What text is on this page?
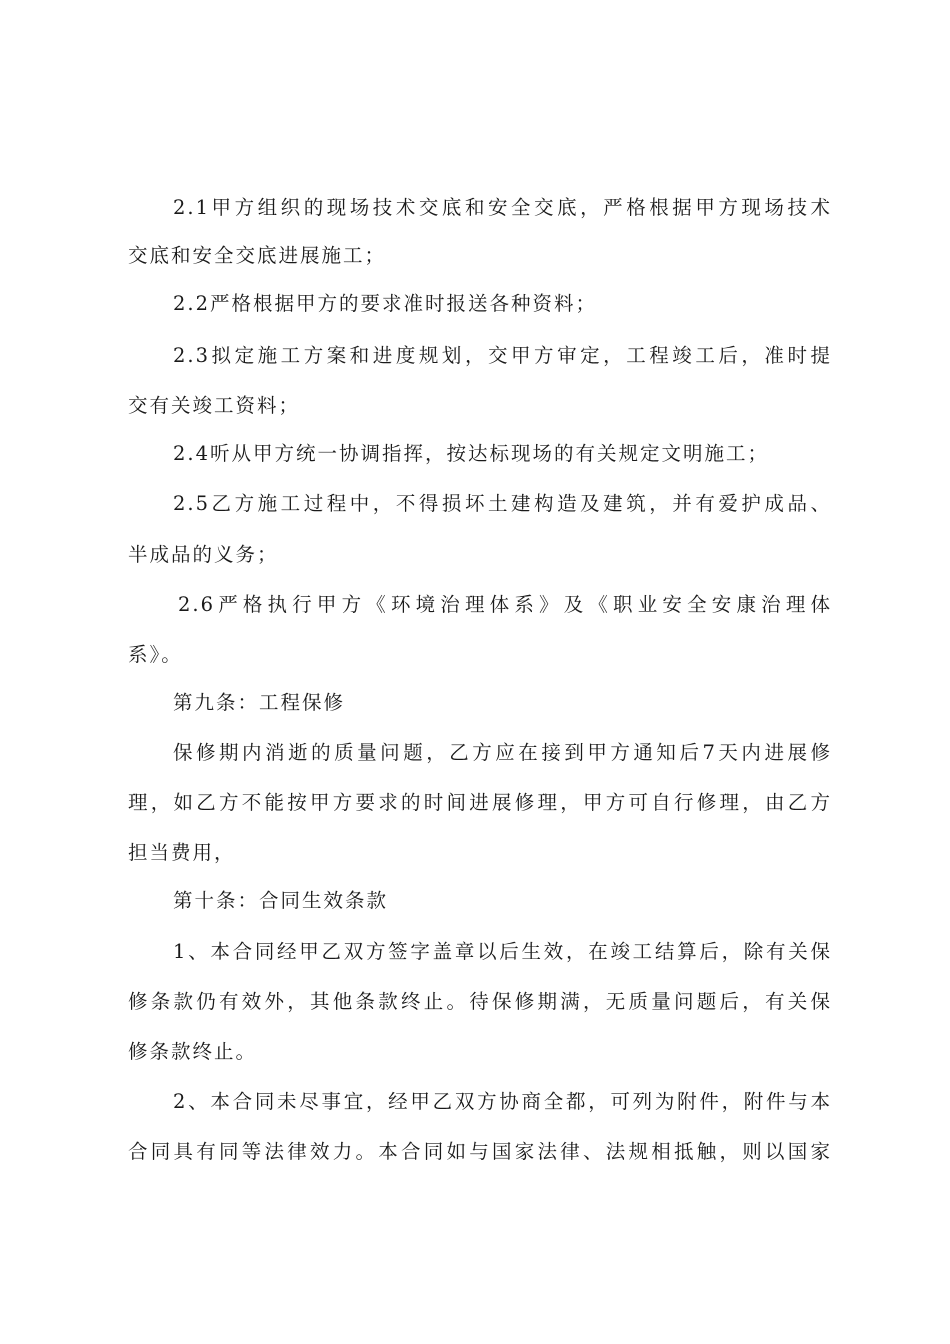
2.1甲方组织的现场技术交底和安全交底，严格根据甲方现场技术
交底和安全交底进展施工；
2.2严格根据甲方的要求准时报送各种资料；
2.3拟定施工方案和进度规划，交甲方审定，工程竣工后，准时提
交有关竣工资料；
2.4听从甲方统一协调指挥，按达标现场的有关规定文明施工；
2.5乙方施工过程中，不得损坏土建构造及建筑，并有爱护成品、
半成品的义务；
2.6严格执行甲方《环境治理体系》及《职业安全安康治理体
系》。
第九条：工程保修
保修期内消逝的质量问题，乙方应在接到甲方通知后7天内进展修
理，如乙方不能按甲方要求的时间进展修理，甲方可自行修理，由乙方
担当费用，
第十条：合同生效条款
1、本合同经甲乙双方签字盖章以后生效，在竣工结算后，除有关保
修条款仍有效外，其他条款终止。待保修期满，无质量问题后，有关保
修条款终止。
2、本合同未尽事宜，经甲乙双方协商全都，可列为附件，附件与本
合同具有同等法律效力。本合同如与国家法律、法规相抵触，则以国家
